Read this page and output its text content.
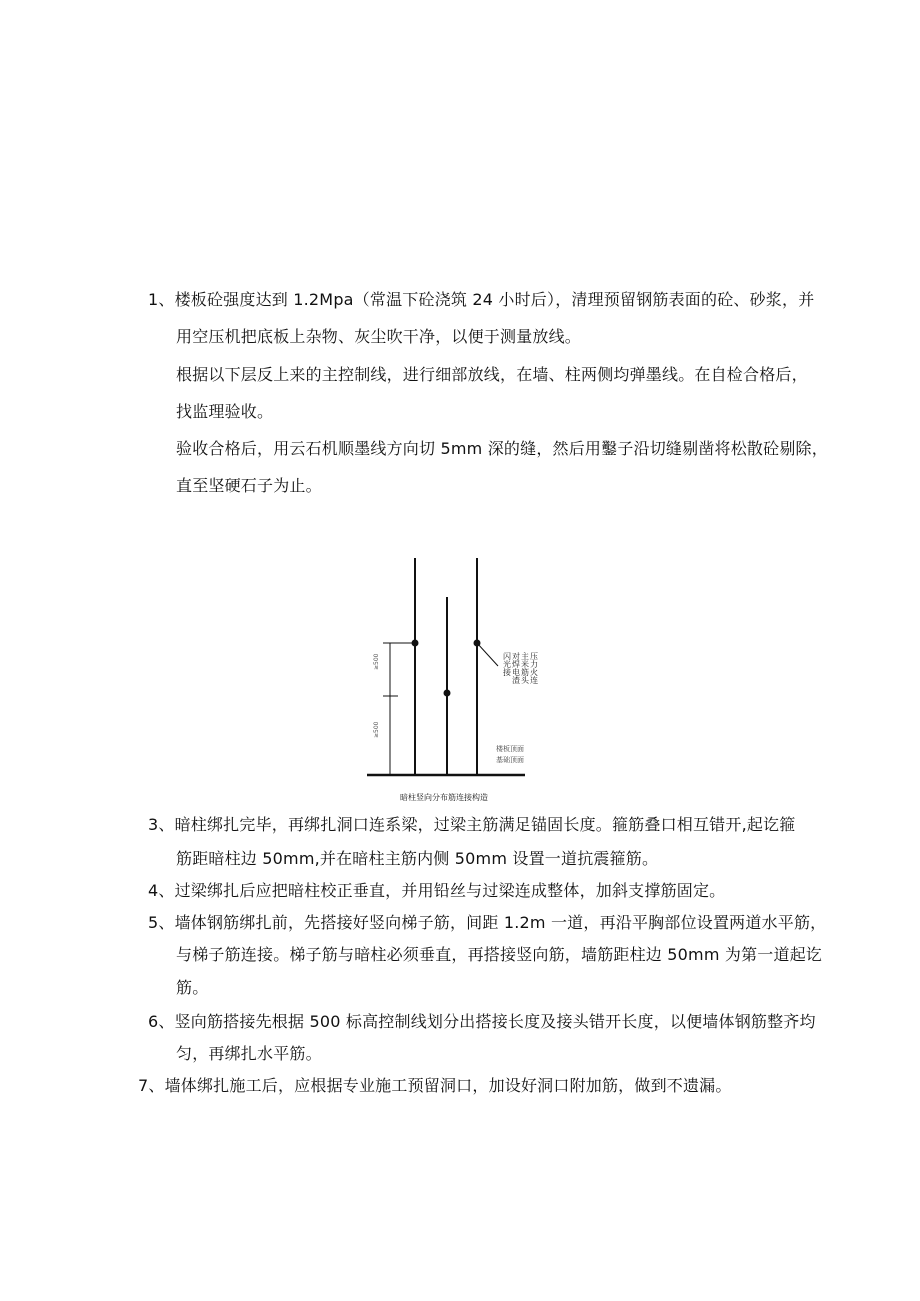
1、楼板砼强度达到 1.2Mpa（常温下砼浇筑 24 小时后），清理预留钢筋表面的砼、砂浆，并
用空压机把底板上杂物、灰尘吹干净，以便于测量放线。
根据以下层反上来的主控制线，进行细部放线，在墙、柱两侧均弹墨线。在自检合格后，
找监理验收。
验收合格后，用云石机顺墨线方向切 5mm 深的缝，然后用鑿子沿切缝剔凿将松散砼剔除，
直至坚硬石子为止。
≥500
≥500
闪光接 对焊电渣 主米筋头 压力火连
楼板顶面
基础顶面
暗柱竖向分布筋连接构造
3、暗柱绑扎完毕，再绑扎洞口连系梁，过梁主筋满足锚固长度。箍筋叠口相互错开,起讫箍
筋距暗柱边 50mm,并在暗柱主筋内侧 50mm 设置一道抗震箍筋。
4、过梁绑扎后应把暗柱校正垂直，并用铅丝与过梁连成整体，加斜支撑筋固定。
5、墙体钢筋绑扎前，先搭接好竖向梯子筋，间距 1.2m 一道，再沿平胸部位设置两道水平筋，
与梯子筋连接。梯子筋与暗柱必须垂直，再搭接竖向筋，墙筋距柱边 50mm 为第一道起讫
筋。
6、竖向筋搭接先根据 500 标高控制线划分出搭接长度及接头错开长度，以便墙体钢筋整齐均
匀，再绑扎水平筋。
7、墙体绑扎施工后，应根据专业施工预留洞口，加设好洞口附加筋，做到不遗漏。
